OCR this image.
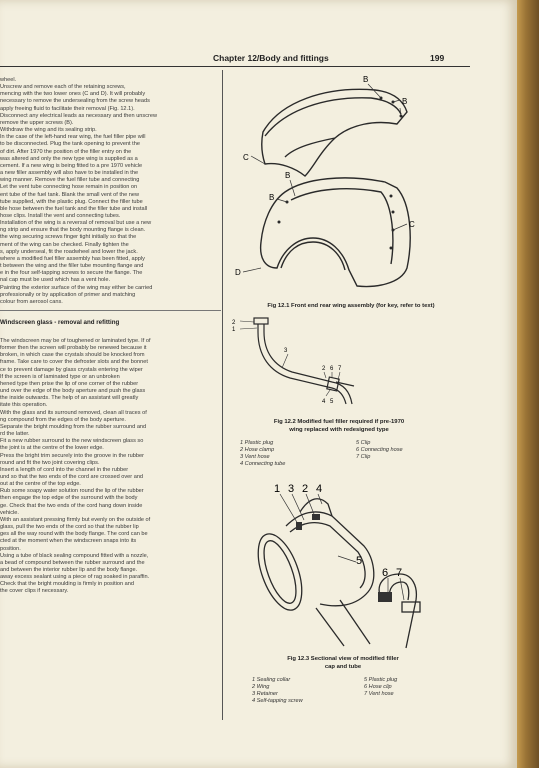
Chapter 12/Body and fittings	199
wheel.
Unscrew and remove each of the retaining screws,
mencing with the two lower ones (C and D). It will probably
necessary to remove the undersealing from the screw heads
apply freeing fluid to facilitate their removal (Fig. 12.1).
Disconnect any electrical leads as necessary and then unscrew
remove the upper screws (B).
Withdraw the wing and its sealing strip.
In the case of the left-hand rear wing, the fuel filler pipe will
to be disconnected. Plug the tank opening to prevent the
of dirt. After 1970 the position of the filler entry on the
was altered and only the new type wing is supplied as a
cement. If a new wing is being fitted to a pre 1970 vehicle
a new filler assembly will also have to be installed in the
wing manner. Remove the fuel filler tube and connecting
Let the vent tube connecting hose remain in position on
ent tube of the fuel tank. Blank the small vent of the new
tube supplied, with the plastic plug. Connect the filler tube
ble hose between the fuel tank and the filler tube and install
hose clips. Install the vent and connecting tubes.
Installation of the wing is a reversal of removal but use a new
ng strip and ensure that the body mounting flange is clean.
the wing securing screws finger tight initially so that the
ment of the wing can be checked. Finally tighten the
s, apply underseal, fit the roadwheel and lower the jack.
where a modified fuel filler assembly has been fitted, apply
t between the wing and the filler tube mounting flange and
e in the four self-tapping screws to secure the flange. The
nal cap must be used which has a vent hole.
Painting the exterior surface of the wing may either be carried
professionally or by application of primer and matching
colour from aerosol cans.
Windscreen glass - removal and refitting
The windscreen may be of toughened or laminated type. If of
former then the screen will probably be renewed because it
broken, in which case the crystals should be knocked from
frame. Take care to cover the defroster slots and the bonnet
ce to prevent damage by glass crystals entering the wiper
If the screen is of laminated type or an unbroken
hened type then prise the lip of one corner of the rubber
und over the edge of the body aperture and push the glass
the inside outwards. The help of an assistant will greatly
itate this operation.
With the glass and its surround removed, clean all traces of
ng compound from the edges of the body aperture.
Separate the bright moulding from the rubber surround and
rd the latter.
Fit a new rubber surround to the new windscreen glass so
the joint is at the centre of the lower edge.
Press the bright trim securely into the groove in the rubber
round and fit the two joint covering clips.
Insert a length of cord into the channel in the rubber
und so that the two ends of the cord are crossed over and
out at the centre of the top edge.
Rub some soapy water solution round the lip of the rubber
then engage the top edge of the surround with the body
ge. Check that the two ends of the cord hang down inside
vehicle.
With an assistant pressing firmly but evenly on the outside of
glass, pull the two ends of the cord so that the rubber lip
ges all the way round with the body flange. The cord can be
cted at the moment when the windscreen snaps into its
position.
Using a tube of black sealing compound fitted with a nozzle,
a bead of compound between the rubber surround and the
and between the interior rubber lip and the body flange.
away excess sealant using a piece of rag soaked in paraffin.
Check that the bright moulding is firmly in position and
the cover clips if necessary.
B
B
C
B
B
C
D
Fig 12.1 Front end rear wing assembly (for key, refer to text)
2
1
3
2 6 7
4 5
Fig 12.2 Modified fuel filler required if pre-1970
wing replaced with redesigned type
1 Plastic plug
2 Hose clamp
3 Vent hose
4 Connecting tube
5 Clip
6 Connecting hose
7 Clip
1 3 2 4
5
6 7
Fig 12.3 Sectional view of modified filler
cap and tube
1 Sealing collar
2 Wing
3 Retainer
4 Self-tapping screw
5 Plastic plug
6 Hose clip
7 Vent hose
